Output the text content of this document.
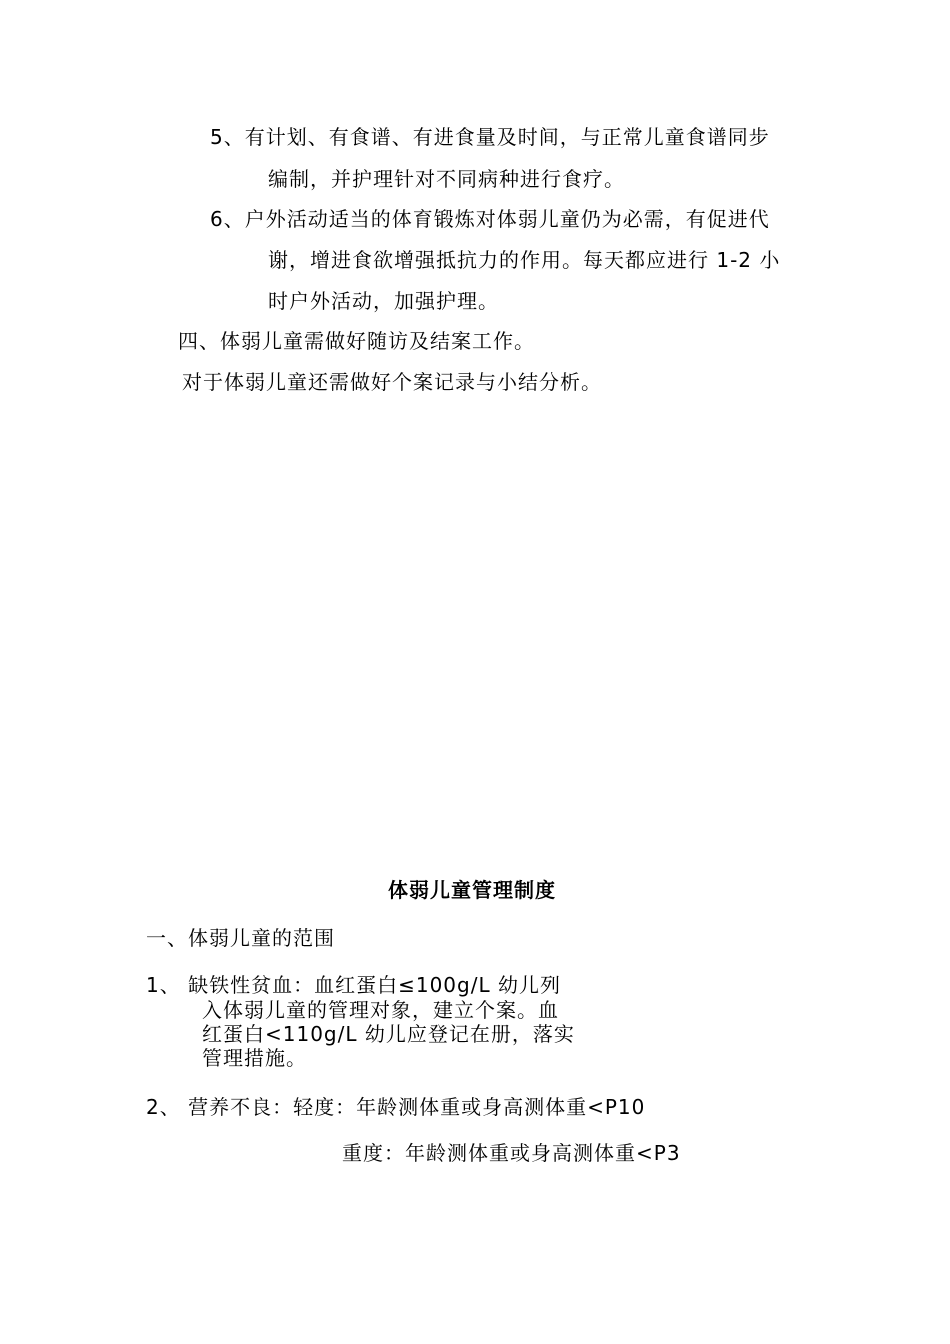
5、有计划、有食谱、有进食量及时间，与正常儿童食谱同步
编制，并护理针对不同病种进行食疗。
6、户外活动适当的体育锻炼对体弱儿童仍为必需，有促进代
谢，增进食欲增强抵抗力的作用。每天都应进行 1-2 小
时户外活动，加强护理。
四、体弱儿童需做好随访及结案工作。
对于体弱儿童还需做好个案记录与小结分析。
体弱儿童管理制度
一、体弱儿童的范围
1、 缺铁性贫血：血红蛋白≤100g/L 幼儿列
入体弱儿童的管理对象，建立个案。血
红蛋白<110g/L 幼儿应登记在册，落实
管理措施。
2、 营养不良：轻度：年龄测体重或身高测体重<P10
重度：年龄测体重或身高测体重<P3
